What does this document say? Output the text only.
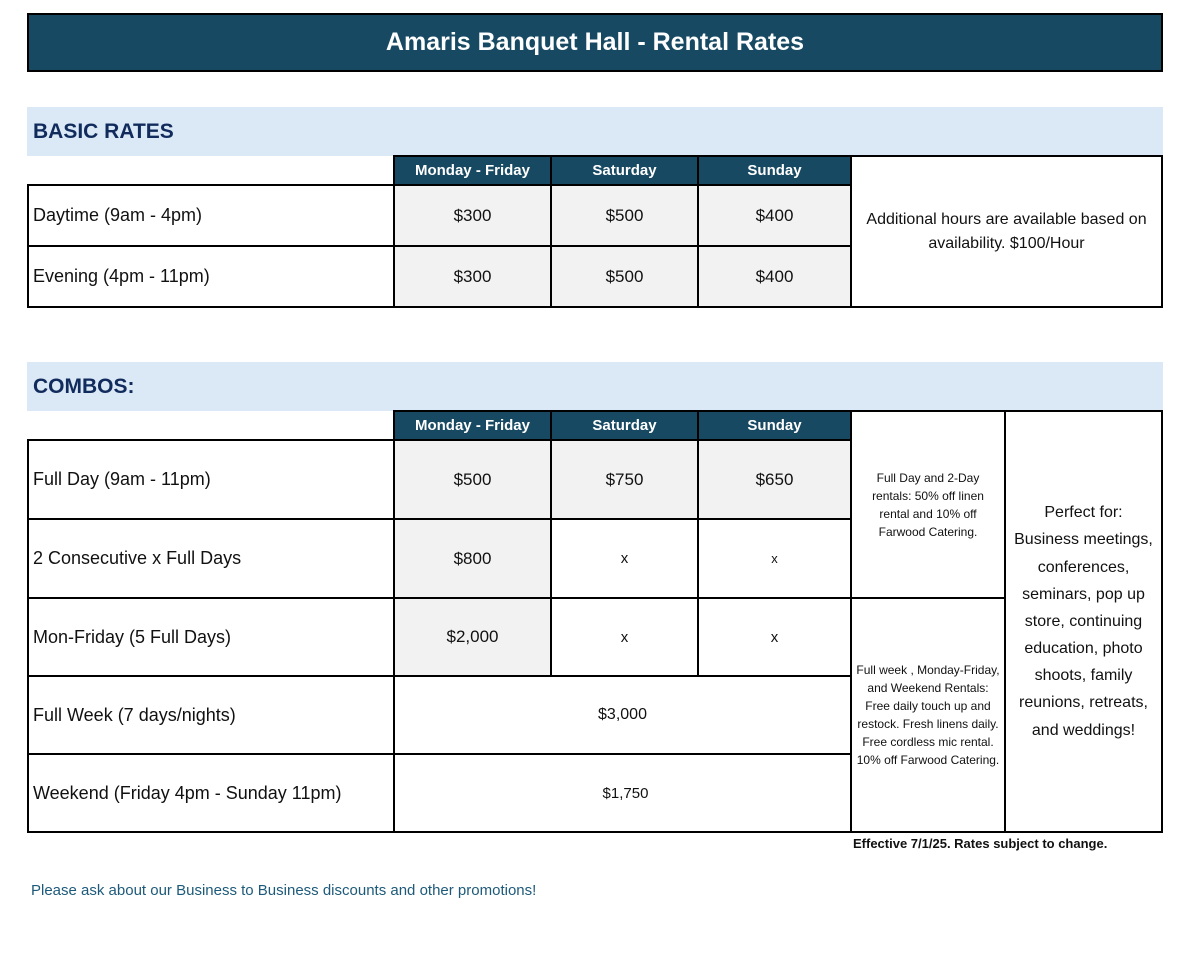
Amaris Banquet Hall - Rental Rates
BASIC RATES
Monday - Friday	Saturday	Sunday
Daytime (9am - 4pm)	$300	$500	$400
Evening (4pm - 11pm)	$300	$500	$400
Additional hours are available based on availability. $100/Hour
COMBOS:
Monday - Friday	Saturday	Sunday
Full Day (9am - 11pm)	$500	$750	$650
2 Consecutive x Full Days	$800	x	x
Mon-Friday (5 Full Days)	$2,000	x	x
Full Week (7 days/nights)	$3,000
Weekend (Friday 4pm - Sunday 11pm)	$1,750
Full Day and 2-Day rentals: 50% off linen rental and 10% off Farwood Catering.
Full week , Monday-Friday, and Weekend Rentals: Free daily touch up and restock. Fresh linens daily. Free cordless mic rental. 10% off Farwood Catering.
Perfect for: Business meetings, conferences, seminars, pop up store, continuing education, photo shoots, family reunions, retreats, and weddings!
Effective 7/1/25. Rates subject to change.
Please ask about our Business to Business discounts and other promotions!
